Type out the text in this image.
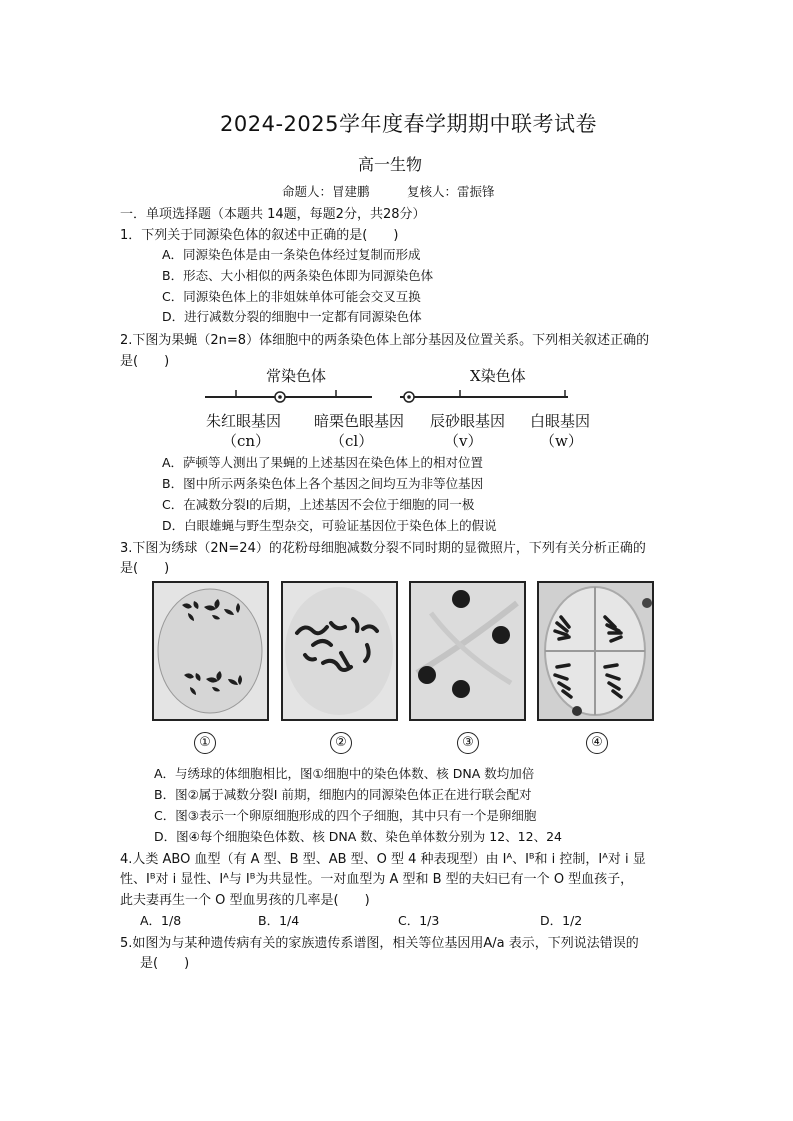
2024-2025学年度春学期期中联考试卷
高一生物
命题人：冒建鹏　　　复核人：雷振锋
一．单项选择题（本题共 14题，每题2分，共28分）
1．下列关于同源染色体的叙述中正确的是(　　)
A．同源染色体是由一条染色体经过复制而形成
B．形态、大小相似的两条染色体即为同源染色体
C．同源染色体上的非姐妹单体可能会交叉互换
D．进行减数分裂的细胞中一定都有同源染色体
2.下图为果蝇（2n=8）体细胞中的两条染色体上部分基因及位置关系。下列相关叙述正确的
是(　　)
常染色体	X染色体
朱红眼基因 暗栗色眼基因 辰砂眼基因 白眼基因
（cn）	（cl）	（v）	（w）
A．萨顿等人测出了果蝇的上述基因在染色体上的相对位置
B．图中所示两条染色体上各个基因之间均互为非等位基因
C．在减数分裂Ⅰ的后期，上述基因不会位于细胞的同一极
D．白眼雄蝇与野生型杂交，可验证基因位于染色体上的假说
3.下图为绣球（2N=24）的花粉母细胞减数分裂不同时期的显微照片，下列有关分析正确的
是(　　)
①	②	③	④
A．与绣球的体细胞相比，图①细胞中的染色体数、核 DNA 数均加倍
B．图②属于减数分裂Ⅰ 前期，细胞内的同源染色体正在进行联会配对
C．图③表示一个卵原细胞形成的四个子细胞，其中只有一个是卵细胞
D．图④每个细胞染色体数、核 DNA 数、染色单体数分别为 12、12、24
4.人类 ABO 血型（有 A 型、B 型、AB 型、O 型 4 种表现型）由 Iᴬ、Iᴮ和 i 控制，Iᴬ对 i 显
性、Iᴮ对 i 显性、Iᴬ与 Iᴮ为共显性。一对血型为 A 型和 B 型的夫妇已有一个 O 型血孩子，
此夫妻再生一个 O 型血男孩的几率是(　　)
A．1/8	B．1/4	C．1/3	D．1/2
5.如图为与某种遗传病有关的家族遗传系谱图，相关等位基因用A/a 表示，下列说法错误的
是(　　)
